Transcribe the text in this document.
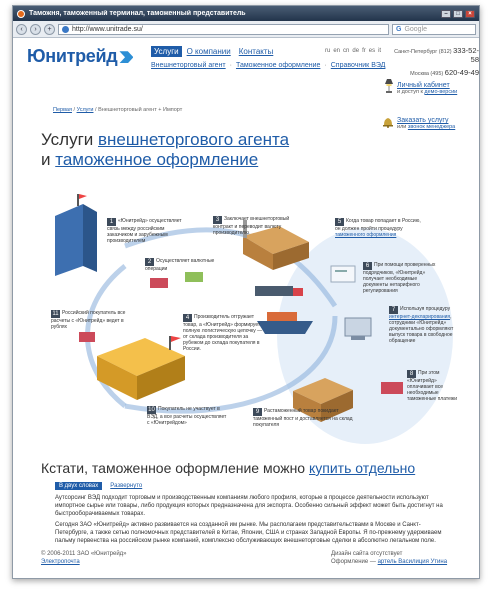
Таможня, таможенный терминал, таможенный представитель	–	□	×
‹	›	+	http://www.unitrade.su/	G Google
Юнитрейд	Услуги	О компании	Контакты
Внешнеторговый агент · Таможенное оформление · Справочник ВЭД
ru en cn de fr es it	Санкт-Петербург (812) 333-52-58
Москва (495) 620-49-49
Личный кабинет
и доступ к демо-версии
Заказать услугу
или звонок менеджера
Первая / Услуги / Внешнеторговый агент + Импорт
Услуги внешнеторгового агента
и таможенное оформление
1 «Юнитрейд» осуществляет связь между российским заказчиком и зарубежным производителем
2 Осуществляет валютные операции
3 Заключает внешнеторговый контракт и переводит валюту производителю
4 Производитель отгружает товар, а «Юнитрейд» формирует полную логистическую цепочку — от склада производителя за рубежом до склада покупателя в России.
5 Когда товар попадает в Россию, он должен пройти процедуру таможенного оформления
6 При помощи проверенных подрядчиков, «Юнитрейд» получает необходимые документы нетарифного регулирования
7 Используя процедуру интернет-декларирования, сотрудники «Юнитрейд» документально оформляют выпуск товара в свободное обращение
8 При этом «Юнитрейд» оплачивает все необходимые таможенные платежи
9 Растаможенный товар покидает таможенный пост и доставляется на склад покупателя
10 Покупатель не участвует в ВЭД, а все расчеты осуществляет с «Юнитрейдом»
11 Российский покупатель все расчеты с «Юнитрейд» ведет в рублях
Кстати, таможенное оформление можно купить отдельно
В двух словах	Развернуто

Аутсорсинг ВЭД подходит торговым и производственным компаниям любого профиля, которые в процессе деятельности используют импортное сырье или товары, либо продукция которых предназначена для экспорта. Особенно сильный эффект может быть достигнут на быстрооборачиваемых товарах.

Сегодня ЗАО «Юнитрейд» активно развивается на созданной им рынке. Мы располагаем представительствами в Москве и Санкт-Петербурге, а также сетью полномочных представителей в Китае, Японии, США и странах Западной Европы. Я по-прежнему удерживаем пальму первенства на российском рынке компаний, комплексно обслуживающих внешнеторговые сделки в абсолютно легальном поле.

© 2006-2011 ЗАО «Юнитрейд»
Электропочта
Дизайн сайта отсутствует
Оформление — артель Василиция Утина
